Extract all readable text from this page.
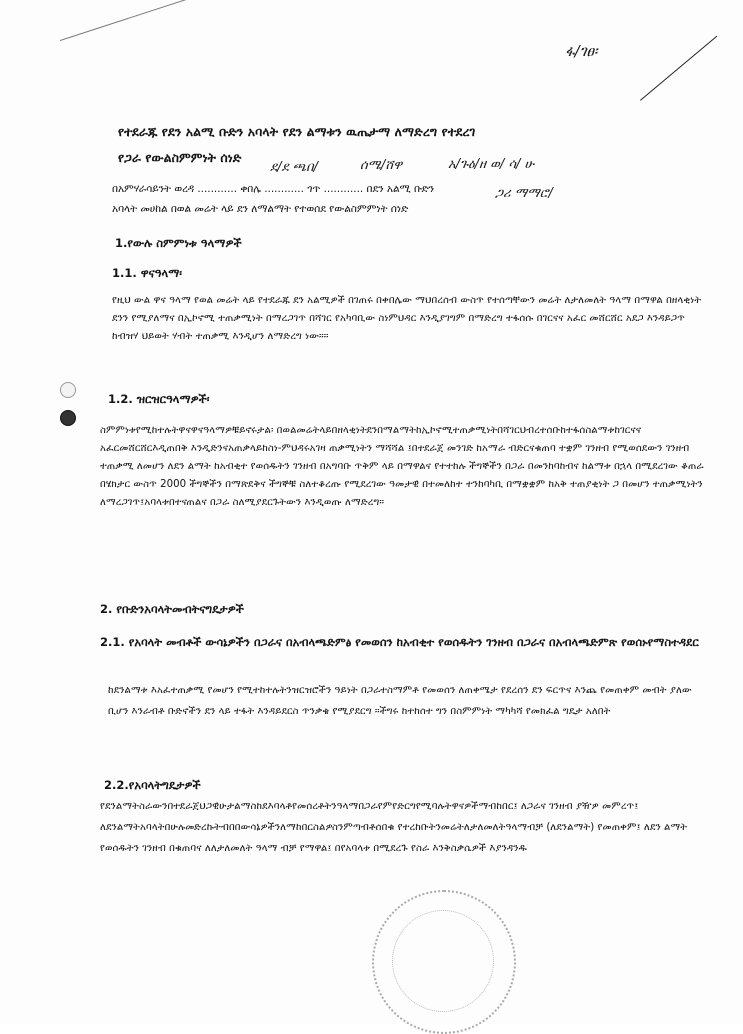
ፋ/ገፀ፡
የተደራጁ የደን አልሚ ቡድን አባላት የደን ልማቱን ዉጤታማ ለማድረግ የተደረገ
የጋራ የውልስምምነት ሰነድ
ደ/ደ ጫበ/	ሰሜ/ሸዋ	አ/ጉዕ/ዘ ወ/ ሳ/ ሁ
ጋሪ ማማሮ/
በአምሃራሳይንት ወረዳ ............ ቀበሌ ............ ጎጥ ............ በደን አልሚ ቡድን
አባላት መሀከል በወል መሬት ላይ ደን ለማልማት የተወሰደ የውልስምምነት ሰነድ
1.የውሉ ስምምነቱ ዓላማዎች
1.1. ዋናዓላማ፡
የዚህ ውል ዋና ዓላማ የወል መሬት ላይ የተደራጁ ደን አልሚዎች በገጠሩ በቀበሌው ማህበረሰብ ውስጥ የተሰጣቸውን መሬት ለታለመለት ዓላማ በማዋል በዘላቂነት ደንን የሚያለማና በኢኮኖሚ ተጠቃሚነት በማረጋገጥ በሻገር የአካባቢው ስነምህዳር እንዲያገግም በማድረግ ተፋሰሱ በገርናና አፈር መሸርሸር አደጋ እንዳይጋጥ ከብዝሃ ህይወት ሃብት ተጠቃሚ እንዲሆን ለማድረግ ነው።።
1.2. ዝርዝርዓላማዎች፡
ስምምነቱየሚከተሉትዋናዋናዓላማዎቹይኖሩታል፡ በወልመሬትላይበዘላቂነትደንበማልማትከኢኮኖሚተጠቃሚነትበሻገርህብረተሰቡከተፋሰስልማቱከገርናና አፈርመሸርሸርእዲጠበቅ እንዲድንናአጠቃላይከስነ-ምህዳሩአገዛ ጠቃሚነትን ማሻሻል ፤በተደራጀ መንገድ ከአማራ ብድርናቁጠባ ተቋም ገንዘብ የሚወሰደውን ገንዘብ ተጠቃሚ ለመሆን ለደን ልማት ከአብቂተ የወሰዱትን ገንዘብ በአግባቡ ጥቅም ላይ በማዋልና የተተከሉ ችግኞችን በጋራ በመንከባከብና ከልማቱ በኋላ በሚደረገው ቆጠራ በሄክታር ውስጥ 2000 ችግኞችን በማጽደቅና ችግኞቹ ስለተቆረጡ የሚደረገው ዓመታዊ በተመለከተ ተንከባካቢ በማቋቋም ከአቅ ተጠያቂነት ጋ በመሆን ተጠቃሚነትን ለማረጋገጥ፤አባላቱበተናጠልና በጋራ ስለሚያደርጉትውን እንዲወጡ ለማድረግ።
2. የቡድንአባላትመብትናግዴታዎች
2.1. የአባላት መብቶች ውሳኔዎችን በጋራና በአብላጫድምፅ የመወሰን ከአብቂተ የወሰዱትን ገንዘብ በጋራና በአብላጫድምጽ የወሰኑየማስተዳደር
ከደንልማቱ እአፈተጠቃሚ የመሆን የሚተከተሉትንዝርዝሮችን ዓይነት በጋራተስማምቶ የመወሰን ለጠቀሜታ የደረሰን ደን ፍርጥና እንጨ የመጠቀም መብት ያለው ቢሆን እንራብቶ ቡድኖችን ደን ላይ ተፋት እንዳይደርስ ጥንቃቄ የሚያደርግ ።ችግሩ ከተከሰተ ግን በስምምነት ማካካሻ የመክፈል ግዴታ አለበት
2.2.የአባላትግዴታዎች
የደንልማትስራውንበተደራጀህጋዊሁታልማስከደእባላቶየመሰረቶትንዓላማበጋራየምየድርግየሚባሉትዋናዎችማብከበር፤ ለጋራና ገንዘብ ያዥዎ መምረጥ፤ ለደንልማትአባላትበሁሉመድረኩትብበበውሳኔዎችንለማከበርስልዎስንምጣብቶሰበቁ የተረከቡትንመሬትለታለመለትዓላማብቻ (ለደንልማት) የመጠቀም፤ ለደን ልማት የወሰዱትን ገንዘብ በቁጠባና ለለታለመለት ዓላማ ብቻ የማዋል፤ በየአባላቱ በሚደረጉ የስራ እንቅስቃሴዎች እያንዳንዱ
